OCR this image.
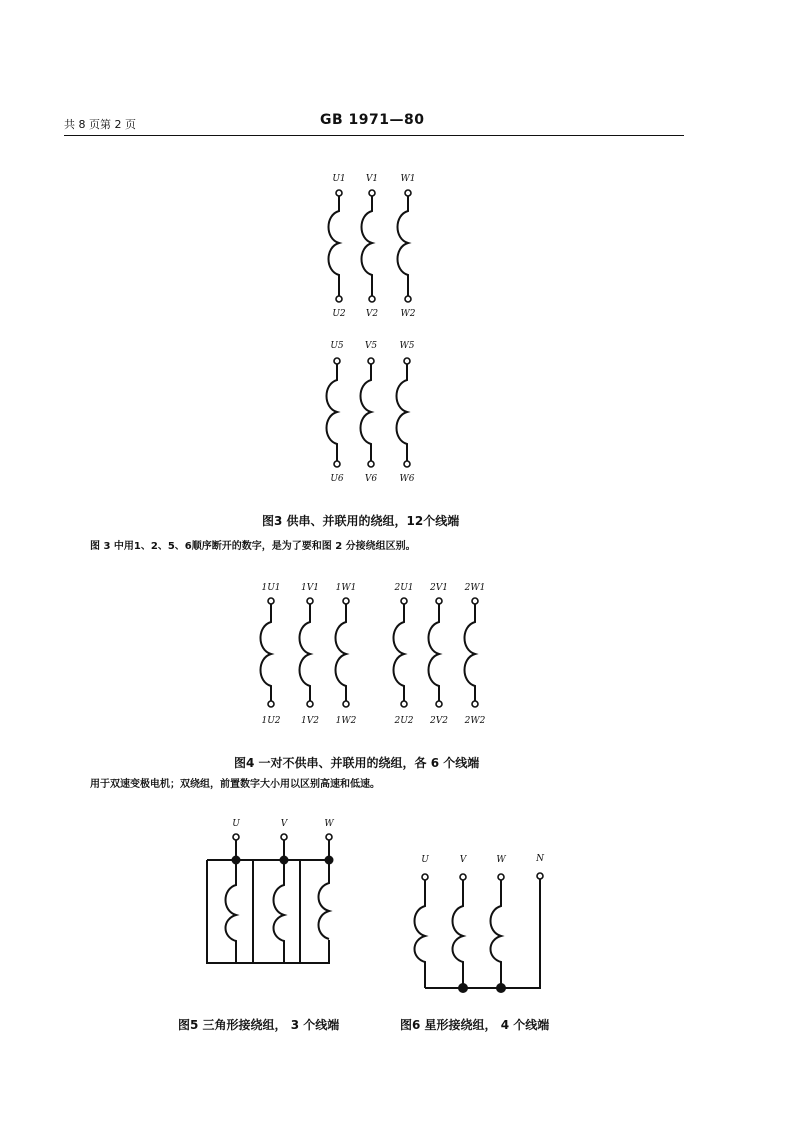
共 8 页第 2 页	GB 1971—80
U1
U2
V1
V2
W1
W2
U5
U6
V5
V6
W5
W6
图3 供串、并联用的绕组，12个线端
图 3 中用1、2、5、6顺序断开的数字，是为了要和图 2 分接绕组区别。
1U1
1U2
1V1
1V2
1W1
1W2
2U1
2U2
2V1
2V2
2W1
2W2
图4 一对不供串、并联用的绕组，各 6 个线端
用于双速变极电机；双绕组，前置数字大小用以区别高速和低速。
U	V	W
U	V	W	N
图5 三角形接绕组， 3 个线端	图6 星形接绕组， 4 个线端
